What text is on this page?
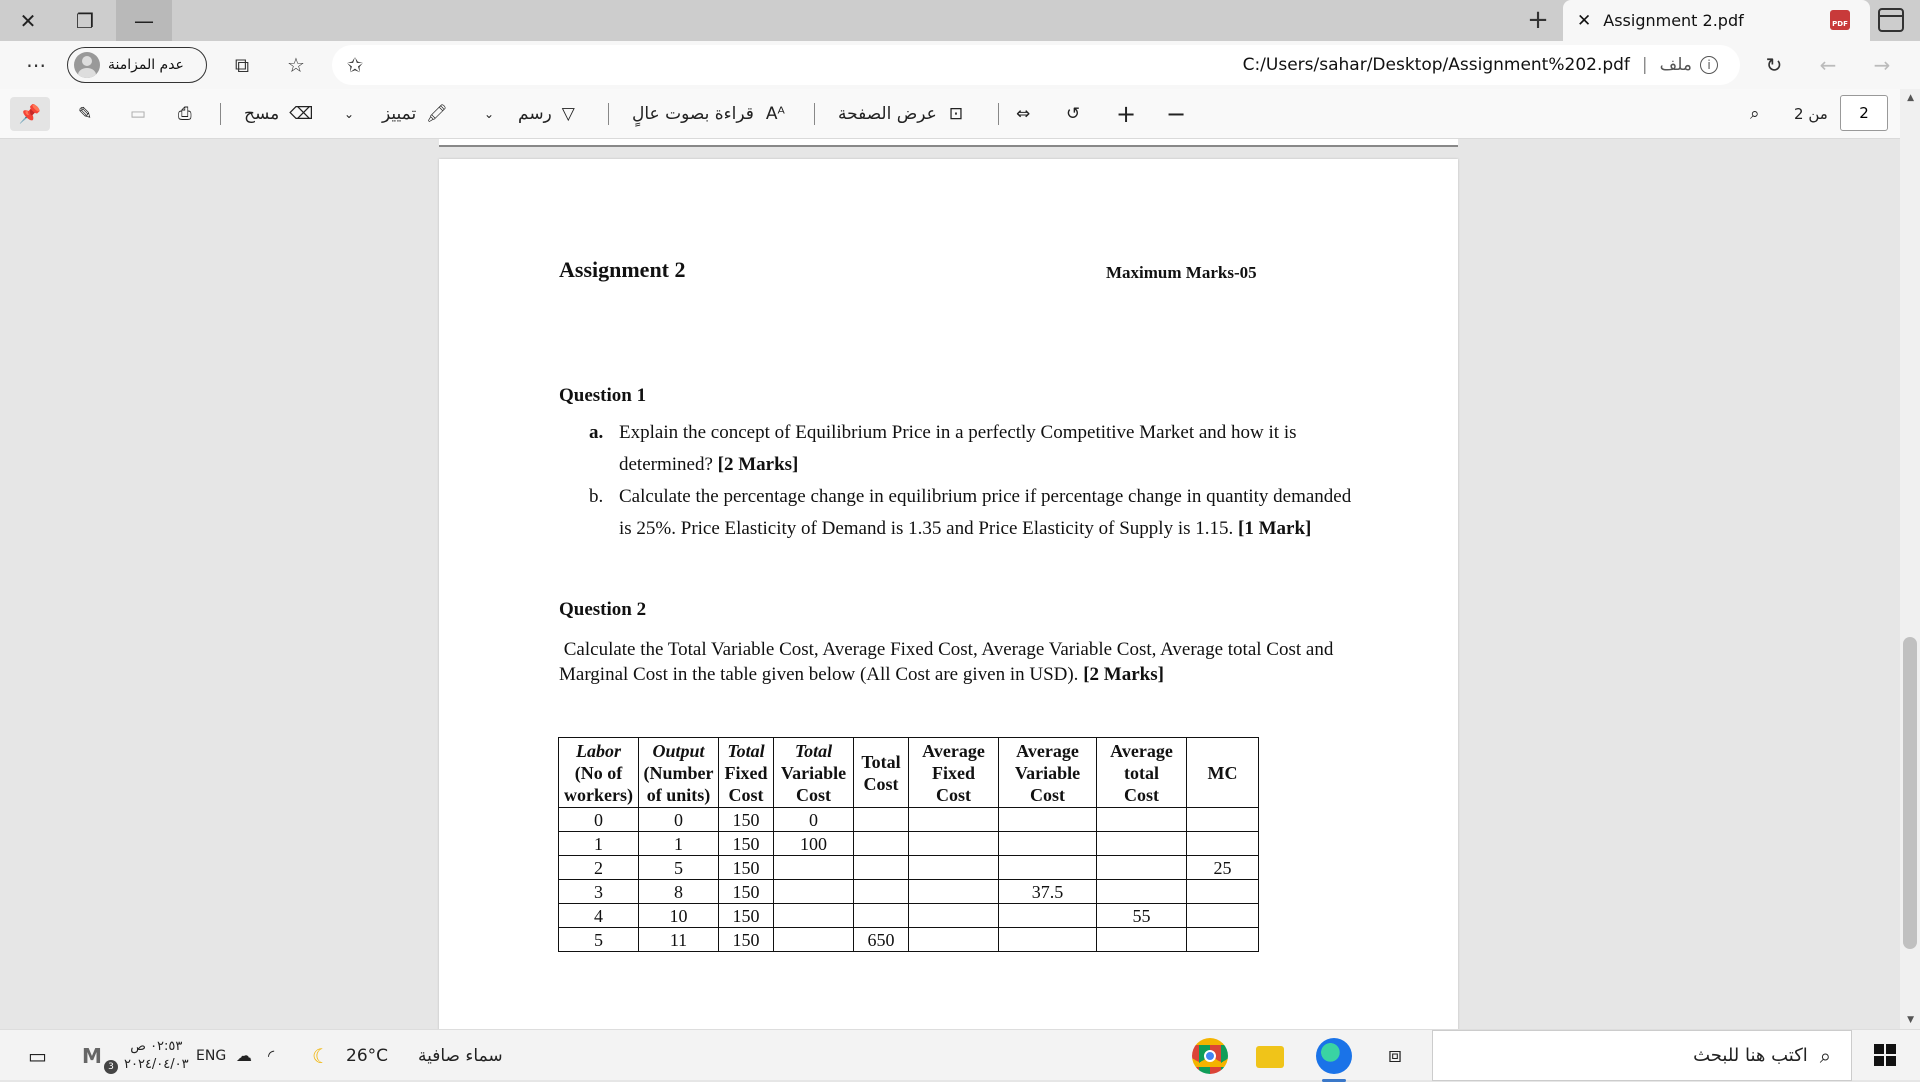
✕	❐	—	+	✕ Assignment 2.pdf	PDF
⋯	عدم المزامنة	⧉	☆	✩	C:/Users/sahar/Desktop/Assignment%202.pdf | ملف	i	↻	←	→
📌	✎ ▭ ⎙	مسح ⌫	⌄ تمييز 🖍	⌄ رسم ▽	قراءة بصوت عالٍ Aᴬ	عرض الصفحة ⊡	⇔ ↺ + −	⌕ من 2	2
Assignment 2	Maximum Marks-05
Question 1
a. Explain the concept of Equilibrium Price in a perfectly Competitive Market and how it is determined? [2 Marks]
b. Calculate the percentage change in equilibrium price if percentage change in quantity demanded is 25%. Price Elasticity of Demand is 1.35 and Price Elasticity of Supply is 1.15. [1 Mark]
Question 2
Calculate the Total Variable Cost, Average Fixed Cost, Average Variable Cost, Average total Cost and Marginal Cost in the table given below (All Cost are given in USD). [2 Marks]
Labor
(No of
workers)	Output
(Number
of units)	Total
Fixed
Cost	Total
Variable
Cost	Total
Cost	Average
Fixed
Cost	Average
Variable
Cost	Average
total
Cost	MC
0	0	150	0					
1	1	150	100					
2	5	150						25
3	8	150				37.5		
4	10	150					55	
5	11	150		650				
▲
▼
▭	٠٢:٥٣ ص
٢٠٢٤/٠٤/٠٣
M 3
ENG ☁ ◜ ☾ 26°C سماء صافية	⧈	اكتب هنا للبحث ⌕
